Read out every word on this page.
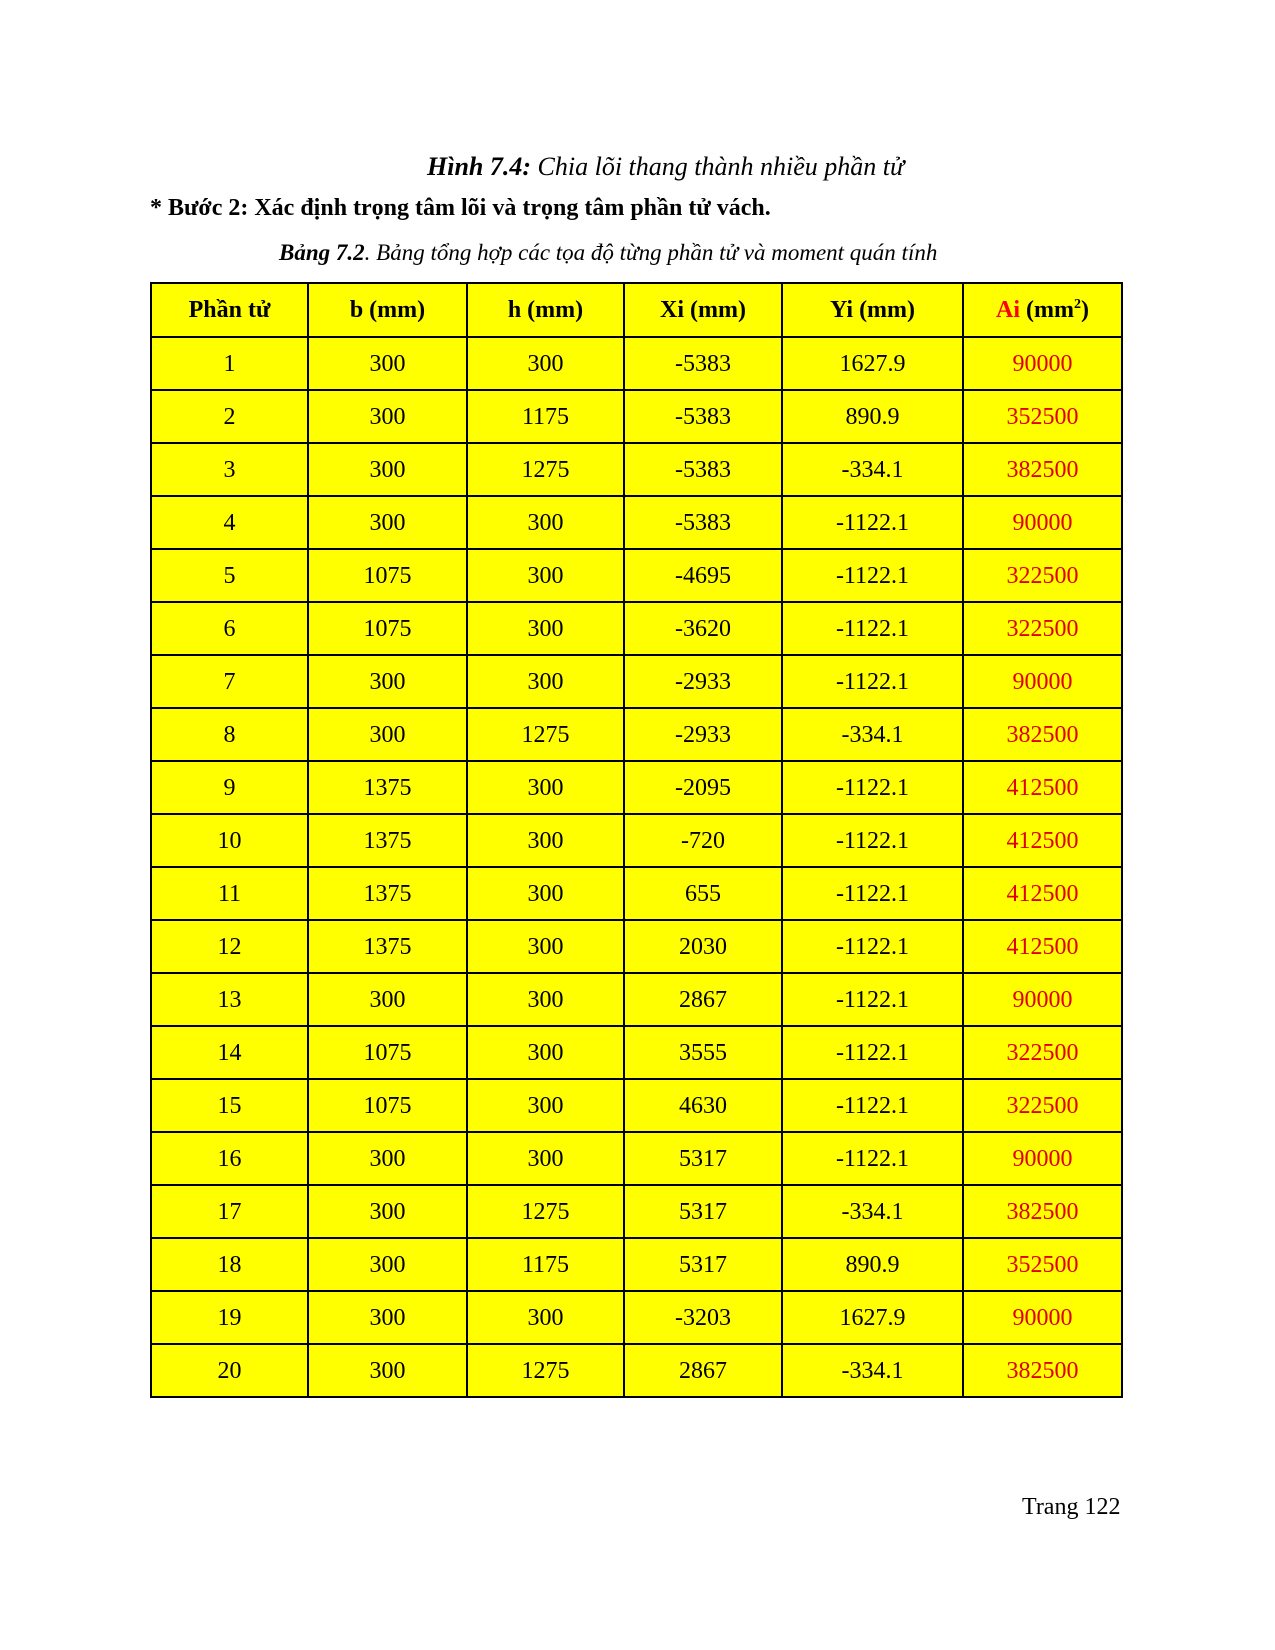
Hình 7.4: Chia lõi thang thành nhiều phần tử
* Bước 2: Xác định trọng tâm lõi và trọng tâm phần tử vách.
Bảng 7.2. Bảng tổng hợp các tọa độ từng phần tử và moment quán tính
Phần tử	b (mm)	h (mm)	Xi (mm)	Yi (mm)	Ai $(mm^2)$
1	300	300	-5383	1627.9	90000
2	300	1175	-5383	890.9	352500
3	300	1275	-5383	-334.1	382500
4	300	300	-5383	-1122.1	90000
5	1075	300	-4695	-1122.1	322500
6	1075	300	-3620	-1122.1	322500
7	300	300	-2933	-1122.1	90000
8	300	1275	-2933	-334.1	382500
9	1375	300	-2095	-1122.1	412500
10	1375	300	-720	-1122.1	412500
11	1375	300	655	-1122.1	412500
12	1375	300	2030	-1122.1	412500
13	300	300	2867	-1122.1	90000
14	1075	300	3555	-1122.1	322500
15	1075	300	4630	-1122.1	322500
16	300	300	5317	-1122.1	90000
17	300	1275	5317	-334.1	382500
18	300	1175	5317	890.9	352500
19	300	300	-3203	1627.9	90000
20	300	1275	2867	-334.1	382500
Trang 122
